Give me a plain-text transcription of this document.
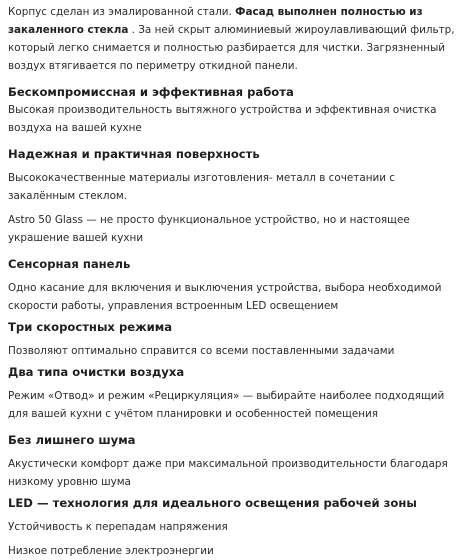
Корпус сделан из эмалированной стали. Фасад выполнен полностью из закаленного стекла . За ней скрыт алюминиевый жироулавливающий фильтр, который легко снимается и полностью разбирается для чистки. Загрязненный воздух втягивается по периметру откидной панели.

Бескомпромиссная и эффективная работа

Высокая производительность вытяжного устройства и эффективная очистка воздуха на вашей кухне

Надежная и практичная поверхность

Высококачественные материалы изготовления- металл в сочетании с закалённым стеклом.

Astro 50 Glass — не просто функциональное устройство, но и настоящее украшение вашей кухни

Сенсорная панель

Одно касание для включения и выключения устройства, выбора необходимой скорости работы, управления встроенным LED освещением

Три скоростных режима

Позволяют оптимально справится со всеми поставленными задачами

Два типа очистки воздуха

Режим «Отвод» и режим «Рециркуляция» — выбирайте наиболее подходящий для вашей кухни с учётом планировки и особенностей помещения

Без лишнего шума

Акустически комфорт даже при максимальной производительности благодаря низкому уровню шума

LED — технология для идеального освещения рабочей зоны

Устойчивость к перепадам напряжения

Низкое потребление электроэнергии
